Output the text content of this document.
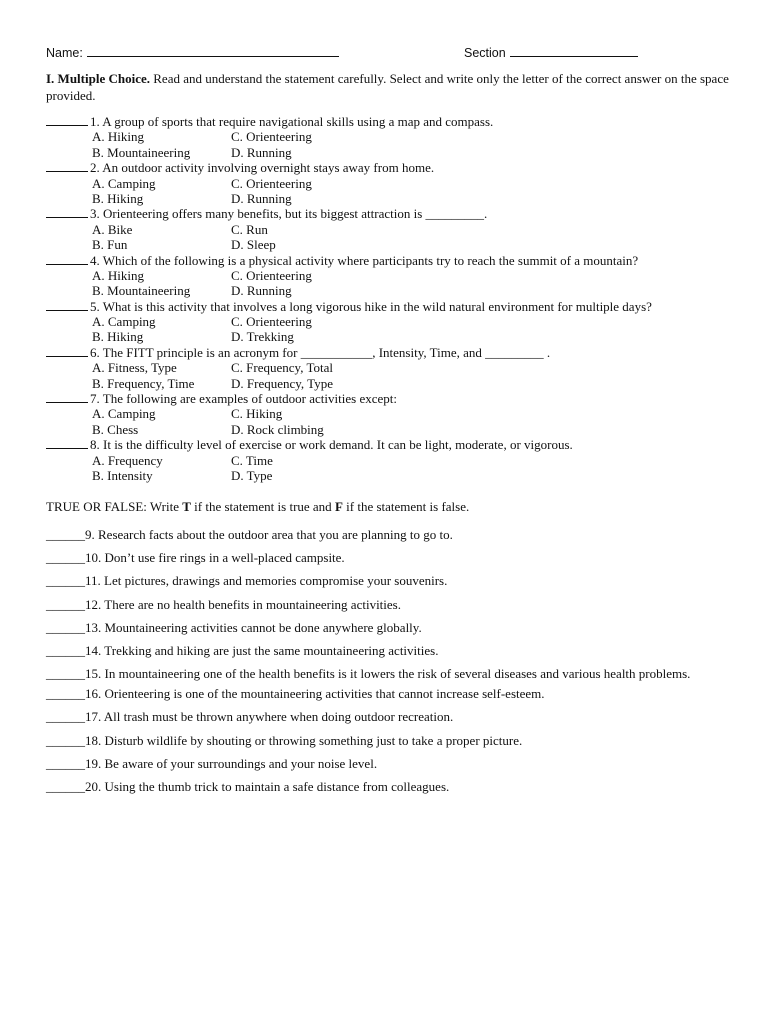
Name:	Section
I. Multiple Choice. Read and understand the statement carefully. Select and write only the letter of the correct answer on the space provided.
1. A group of sports that require navigational skills using a map and compass.
A. Hiking	C. Orienteering
B. Mountaineering	D. Running
2. An outdoor activity involving overnight stays away from home.
A. Camping	C. Orienteering
B. Hiking	D. Running
3. Orienteering offers many benefits, but its biggest attraction is _________.
A. Bike	C. Run
B. Fun	D. Sleep
4. Which of the following is a physical activity where participants try to reach the summit of a mountain?
A. Hiking	C. Orienteering
B. Mountaineering	D. Running
5. What is this activity that involves a long vigorous hike in the wild natural environment for multiple days?
A. Camping	C. Orienteering
B. Hiking	D. Trekking
6. The FITT principle is an acronym for ___________, Intensity, Time, and _________ .
A. Fitness, Type	C. Frequency, Total
B. Frequency, Time	D. Frequency, Type
7. The following are examples of outdoor activities except:
A. Camping	C. Hiking
B. Chess	D. Rock climbing
8. It is the difficulty level of exercise or work demand. It can be light, moderate, or vigorous.
A. Frequency	C. Time
B. Intensity	D. Type
TRUE OR FALSE: Write T if the statement is true and F if the statement is false.
______9. Research facts about the outdoor area that you are planning to go to.
______10. Don’t use fire rings in a well-placed campsite.
______11. Let pictures, drawings and memories compromise your souvenirs.
______12. There are no health benefits in mountaineering activities.
______13. Mountaineering activities cannot be done anywhere globally.
______14. Trekking and hiking are just the same mountaineering activities.
______15. In mountaineering one of the health benefits is it lowers the risk of several diseases and various health problems.
______16. Orienteering is one of the mountaineering activities that cannot increase self-esteem.
______17. All trash must be thrown anywhere when doing outdoor recreation.
______18. Disturb wildlife by shouting or throwing something just to take a proper picture.
______19. Be aware of your surroundings and your noise level.
______20. Using the thumb trick to maintain a safe distance from colleagues.
